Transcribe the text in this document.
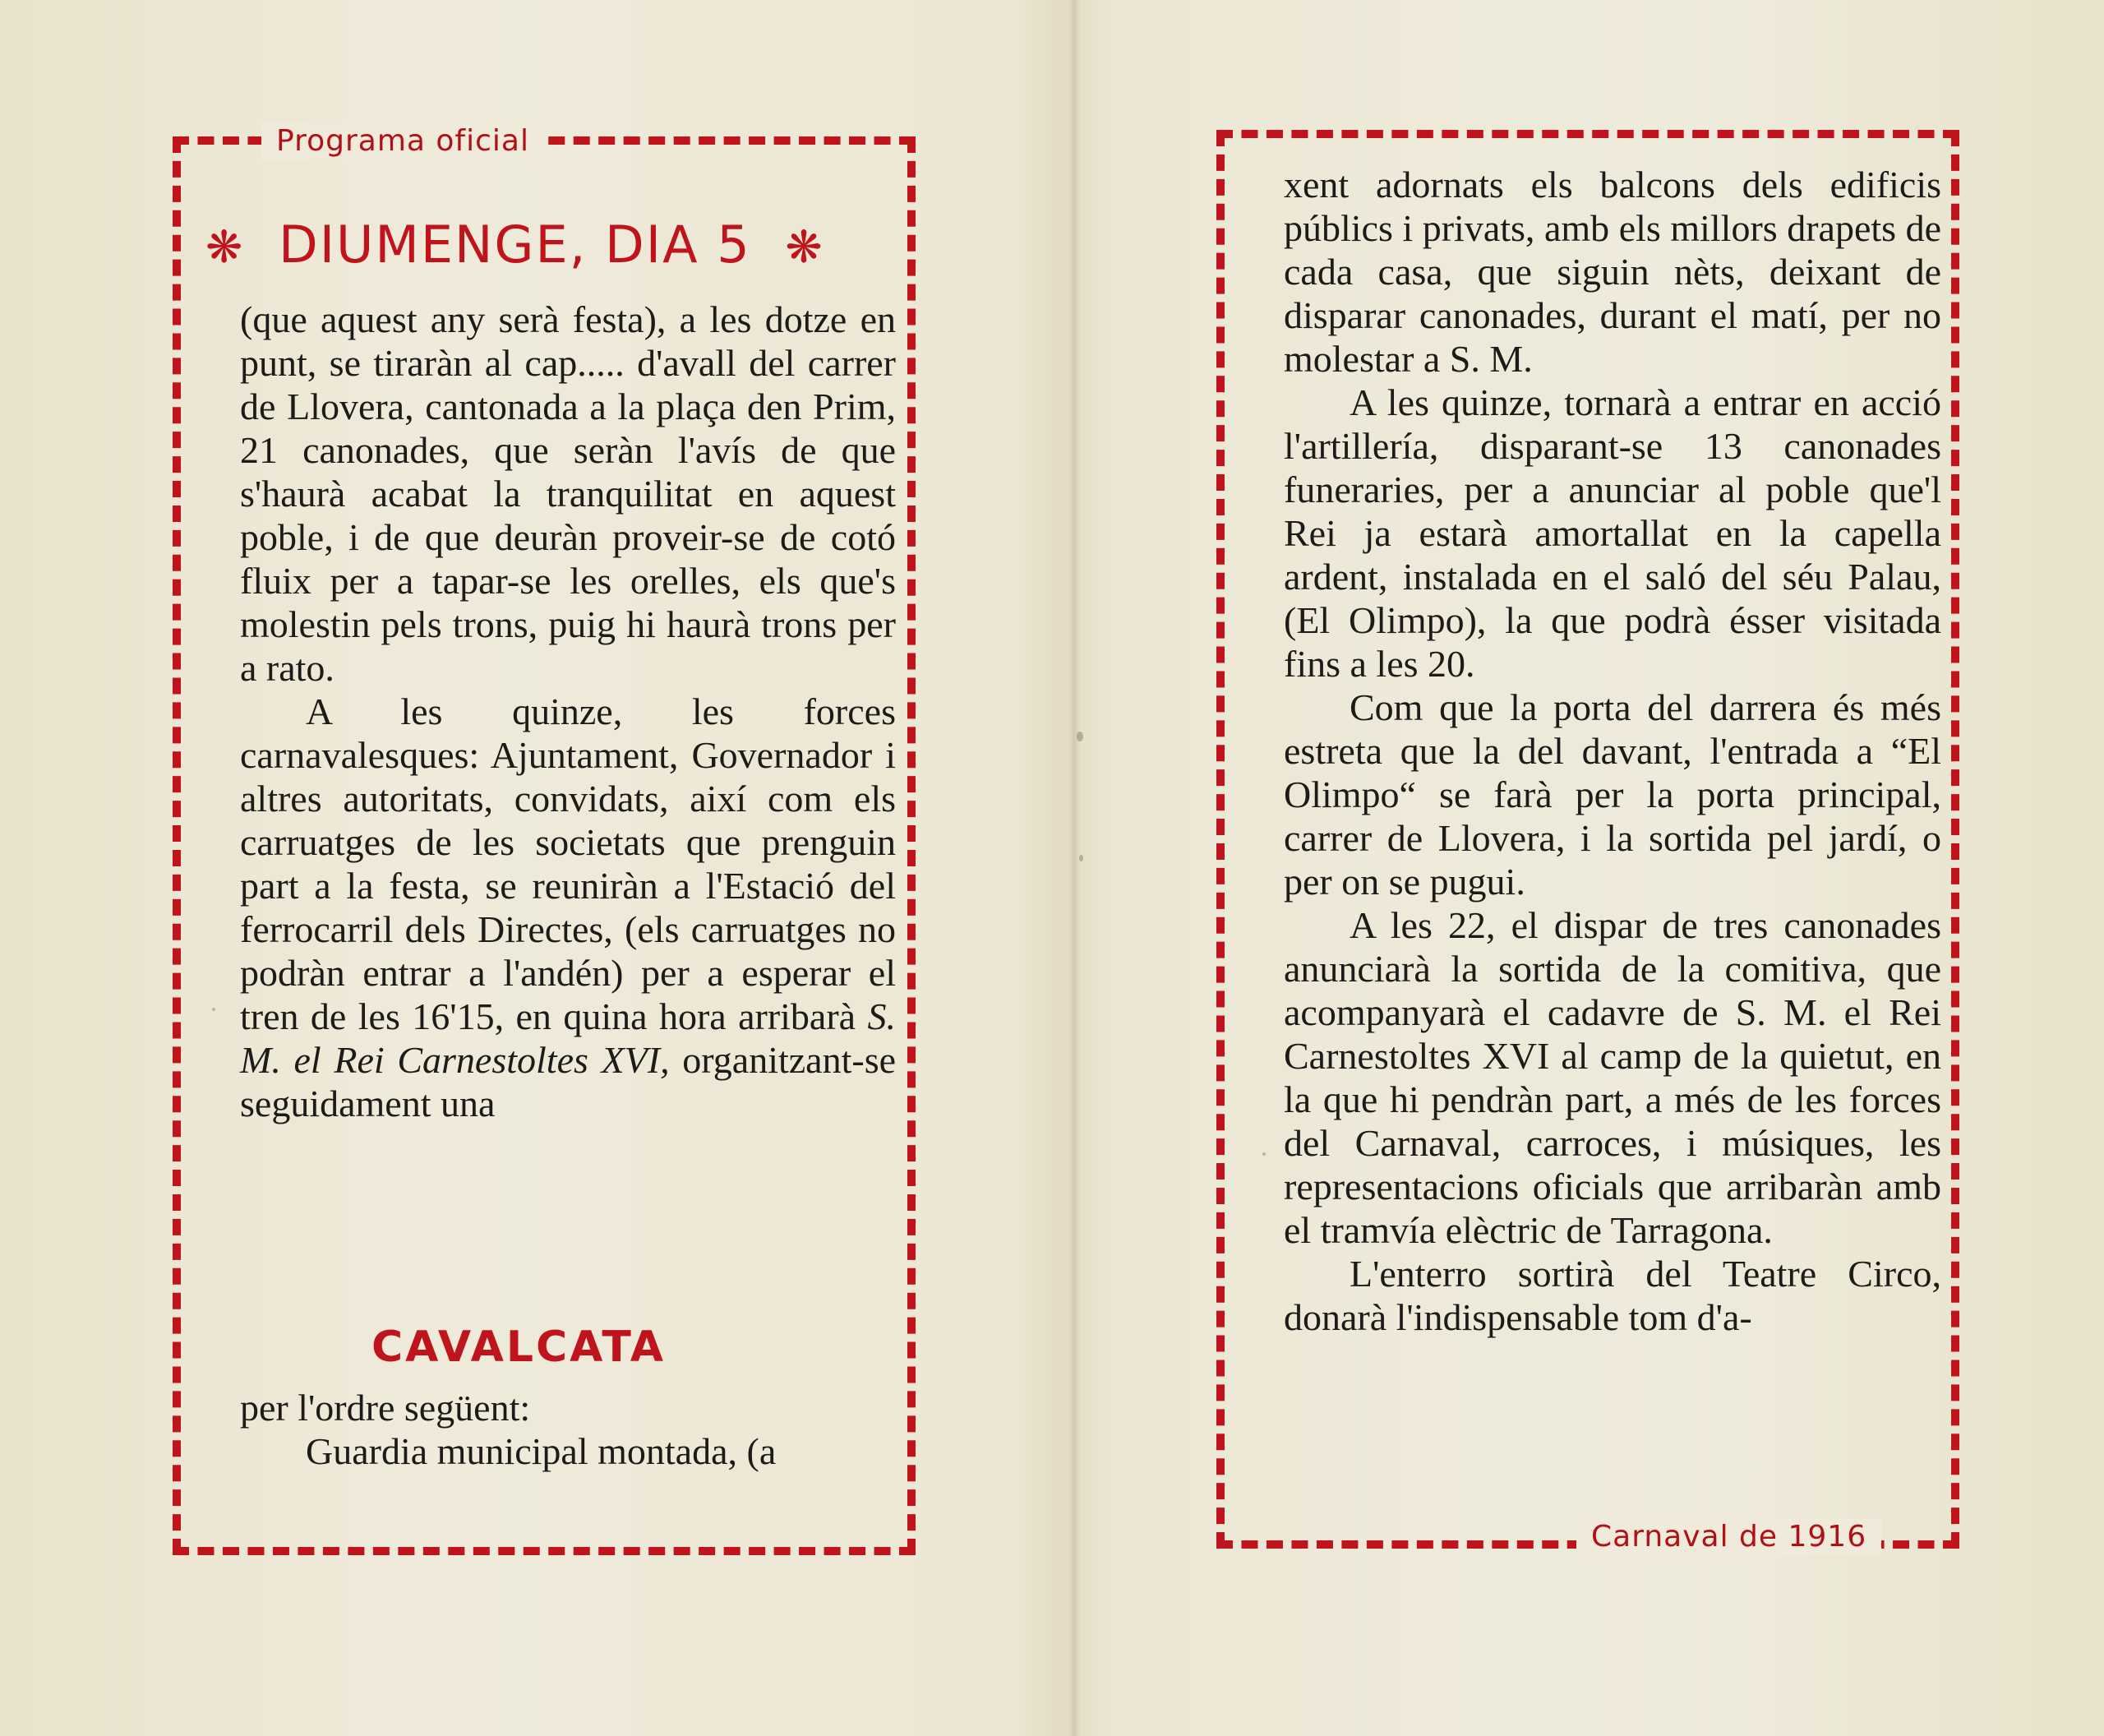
Programa oficial
❋ DIUMENGE, DIA 5 ❋

(que aquest any serà festa), a les dotze en punt, se tiraràn al cap..... d'avall del carrer de Llovera, cantonada a la plaça den Prim, 21 canonades, que seràn l'avís de que s'haurà acabat la tranquilitat en aquest poble, i de que deuràn proveir-se de cotó fluix per a tapar-se les orelles, els que's molestin pels trons, puig hi haurà trons per a rato.

A les quinze, les forces carnavalesques: Ajuntament, Governador i altres autoritats, convidats, així com els carruatges de les societats que prenguin part a la festa, se reuniràn a l'Estació del ferrocarril dels Directes, (els carruatges no podràn entrar a l'andén) per a esperar el tren de les 16'15, en quina hora arribarà S. M. el Rei Carnestoltes XVI, organitzant-se seguidament una

CAVALCATA

per l'ordre següent:

Guardia municipal montada, (a

Carnaval de 1916

xent adornats els balcons dels edificis públics i privats, amb els millors drapets de cada casa, que siguin nèts, deixant de disparar canonades, durant el matí, per no molestar a S. M.

A les quinze, tornarà a entrar en acció l'artillería, disparant-se 13 canonades funeraries, per a anunciar al poble que'l Rei ja estarà amortallat en la capella ardent, instalada en el saló del séu Palau, (El Olimpo), la que podrà ésser visitada fins a les 20.

Com que la porta del darrera és més estreta que la del davant, l'entrada a “El Olimpo“ se farà per la porta principal, carrer de Llovera, i la sortida pel jardí, o per on se pugui.

A les 22, el dispar de tres canonades anunciarà la sortida de la comitiva, que acompanyarà el cadavre de S. M. el Rei Carnestoltes XVI al camp de la quietut, en la que hi pendràn part, a més de les forces del Carnaval, carroces, i músiques, les representacions oficials que arribaràn amb el tramvía elèctric de Tarragona.

L'enterro sortirà del Teatre Circo, donarà l'indispensable tom d'a-
